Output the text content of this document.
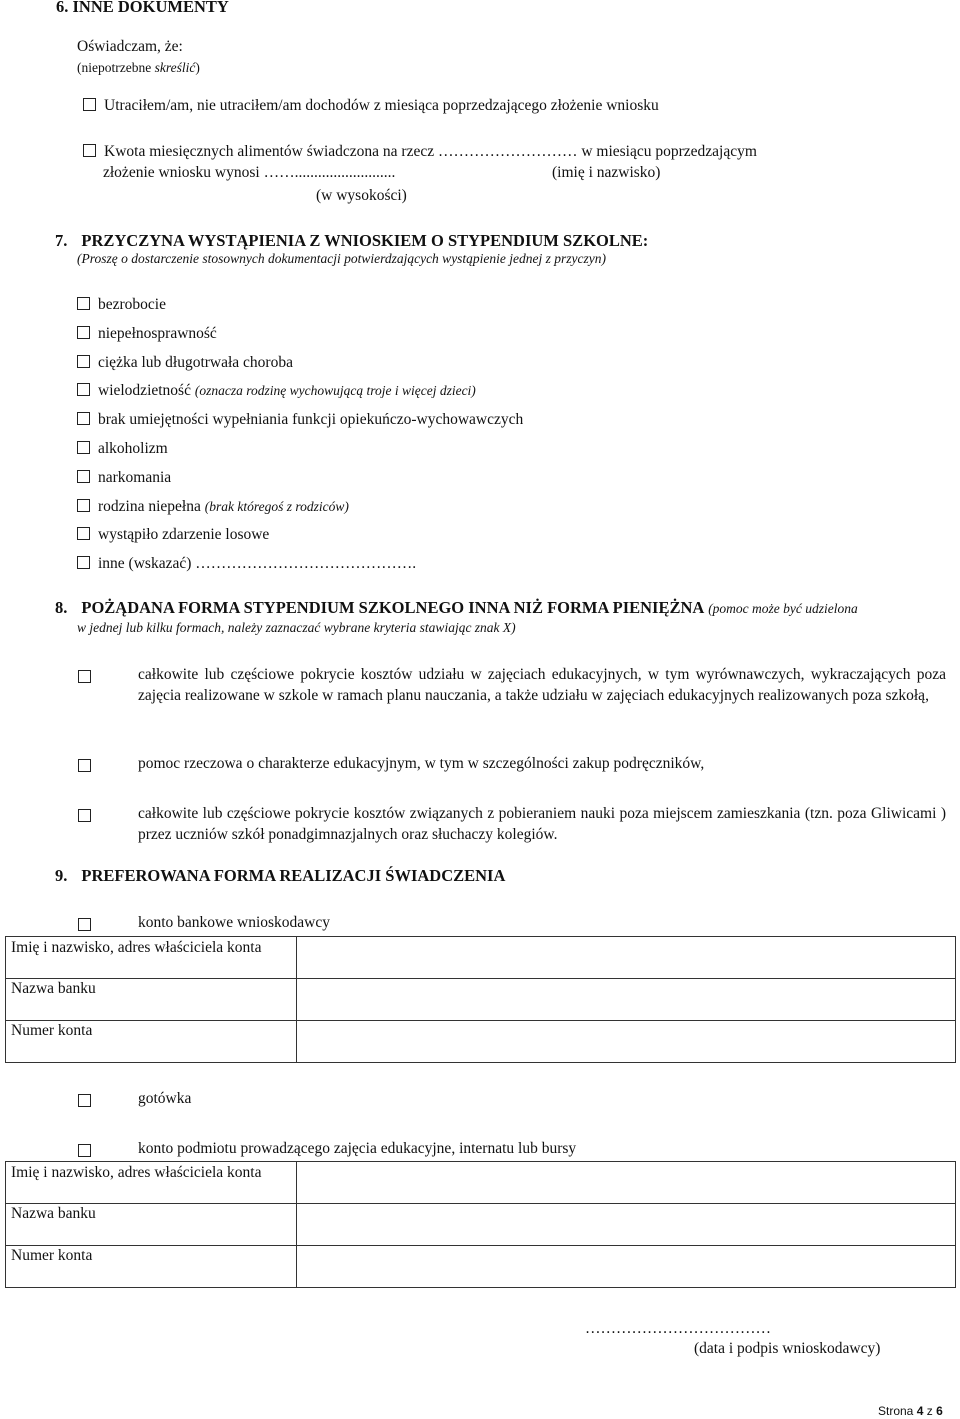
6. INNE DOKUMENTY
Oświadczam, że:
(niepotrzebne skreślić)
Utraciłem/am, nie utraciłem/am dochodów z miesiąca poprzedzającego złożenie wniosku
Kwota miesięcznych alimentów świadczona na rzecz ……………………… w miesiącu poprzedzającym
złożenie wniosku wynosi ……..........................	(imię i nazwisko)
(w wysokości)
7. PRZYCZYNA WYSTĄPIENIA Z WNIOSKIEM O STYPENDIUM SZKOLNE:
(Proszę o dostarczenie stosownych dokumentacji potwierdzających wystąpienie jednej z przyczyn)
bezrobocie
niepełnosprawność
ciężka lub długotrwała choroba
wielodzietność (oznacza rodzinę wychowującą troje i więcej dzieci)
brak umiejętności wypełniania funkcji opiekuńczo-wychowawczych
alkoholizm
narkomania
rodzina niepełna (brak któregoś z rodziców)
wystąpiło zdarzenie losowe
inne (wskazać) …………………………………….
8. POŻĄDANA FORMA STYPENDIUM SZKOLNEGO INNA NIŻ FORMA PIENIĘŻNA (pomoc może być udzielona
w jednej lub kilku formach, należy zaznaczać wybrane kryteria stawiając znak X)
całkowite lub częściowe pokrycie kosztów udziału w zajęciach edukacyjnych, w tym wyrównawczych, wykraczających poza zajęcia realizowane w szkole w ramach planu nauczania, a także udziału w zajęciach edukacyjnych realizowanych poza szkołą,
pomoc rzeczowa o charakterze edukacyjnym, w tym w szczególności zakup podręczników,
całkowite lub częściowe pokrycie kosztów związanych z pobieraniem nauki poza miejscem zamieszkania (tzn. poza Gliwicami ) przez uczniów szkół ponadgimnazjalnych oraz słuchaczy kolegiów.
9. PREFEROWANA FORMA REALIZACJI ŚWIADCZENIA
konto bankowe wnioskodawcy
Imię i nazwisko, adres właściciela konta	

Nazwa banku	
Numer konta	
gotówka
konto podmiotu prowadzącego zajęcia edukacyjne, internatu lub bursy
Imię i nazwisko, adres właściciela konta	

Nazwa banku	
Numer konta	
………………………………
(data i podpis wnioskodawcy)
Strona 4 z 6
